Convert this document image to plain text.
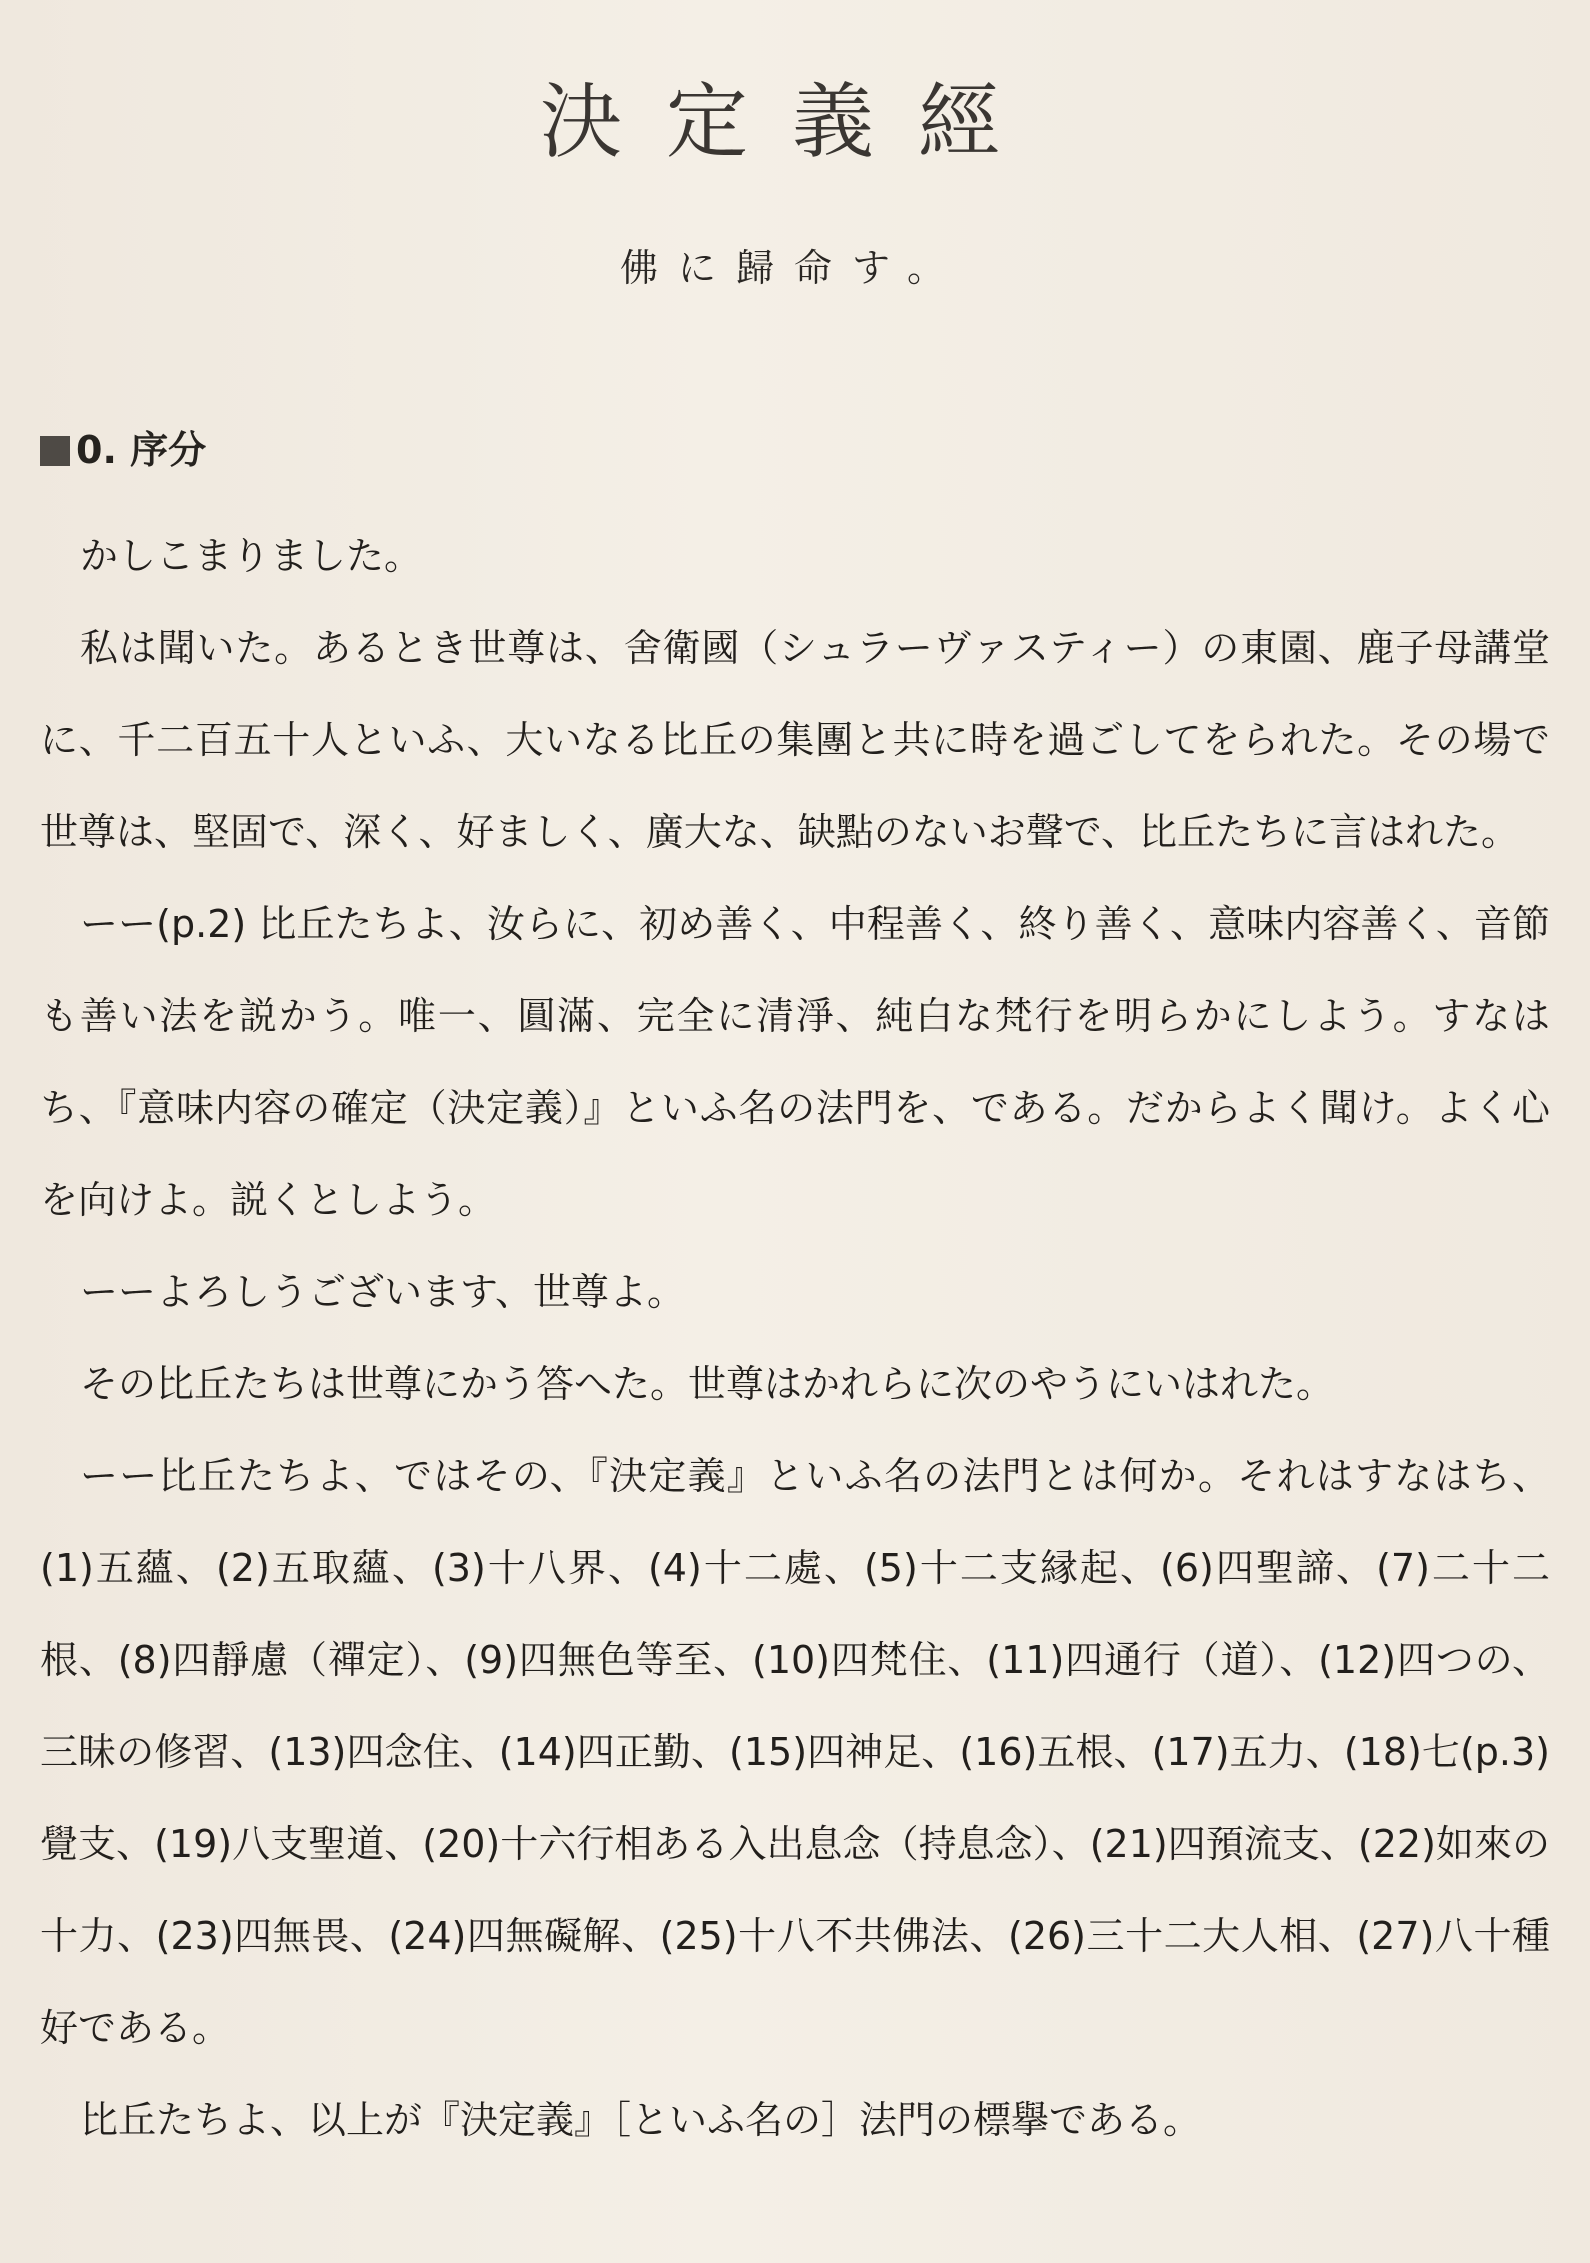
決定義經
佛に歸命す。
0. 序分

かしこまりました。

私は聞いた。あるとき世尊は、舍衛國（シュラーヴァスティー）の東園、鹿子母講堂に、千二百五十人といふ、大いなる比丘の集團と共に時を過ごしてをられた。その場で世尊は、堅固で、深く、好ましく、廣大な、缺點のないお聲で、比丘たちに言はれた。

ーー(p.2) 比丘たちよ、汝らに、初め善く、中程善く、終り善く、意味内容善く、音節も善い法を説かう。唯一、圓滿、完全に清淨、純白な梵行を明らかにしよう。すなはち、『意味内容の確定（決定義）』といふ名の法門を、である。だからよく聞け。よく心を向けよ。説くとしよう。

ーーよろしうございます、世尊よ。

その比丘たちは世尊にかう答へた。世尊はかれらに次のやうにいはれた。

ーー比丘たちよ、ではその、『決定義』といふ名の法門とは何か。それはすなはち、(1)五蘊、(2)五取蘊、(3)十八界、(4)十二處、(5)十二支縁起、(6)四聖諦、(7)二十二根、(8)四靜慮（禪定）、(9)四無色等至、(10)四梵住、(11)四通行（道）、(12)四つの、三昧の修習、(13)四念住、(14)四正勤、(15)四神足、(16)五根、(17)五力、(18)七(p.3) 覺支、(19)八支聖道、(20)十六行相ある入出息念（持息念）、(21)四預流支、(22)如來の十力、(23)四無畏、(24)四無礙解、(25)十八不共佛法、(26)三十二大人相、(27)八十種好である。

比丘たちよ、以上が『決定義』［といふ名の］法門の標擧である。
